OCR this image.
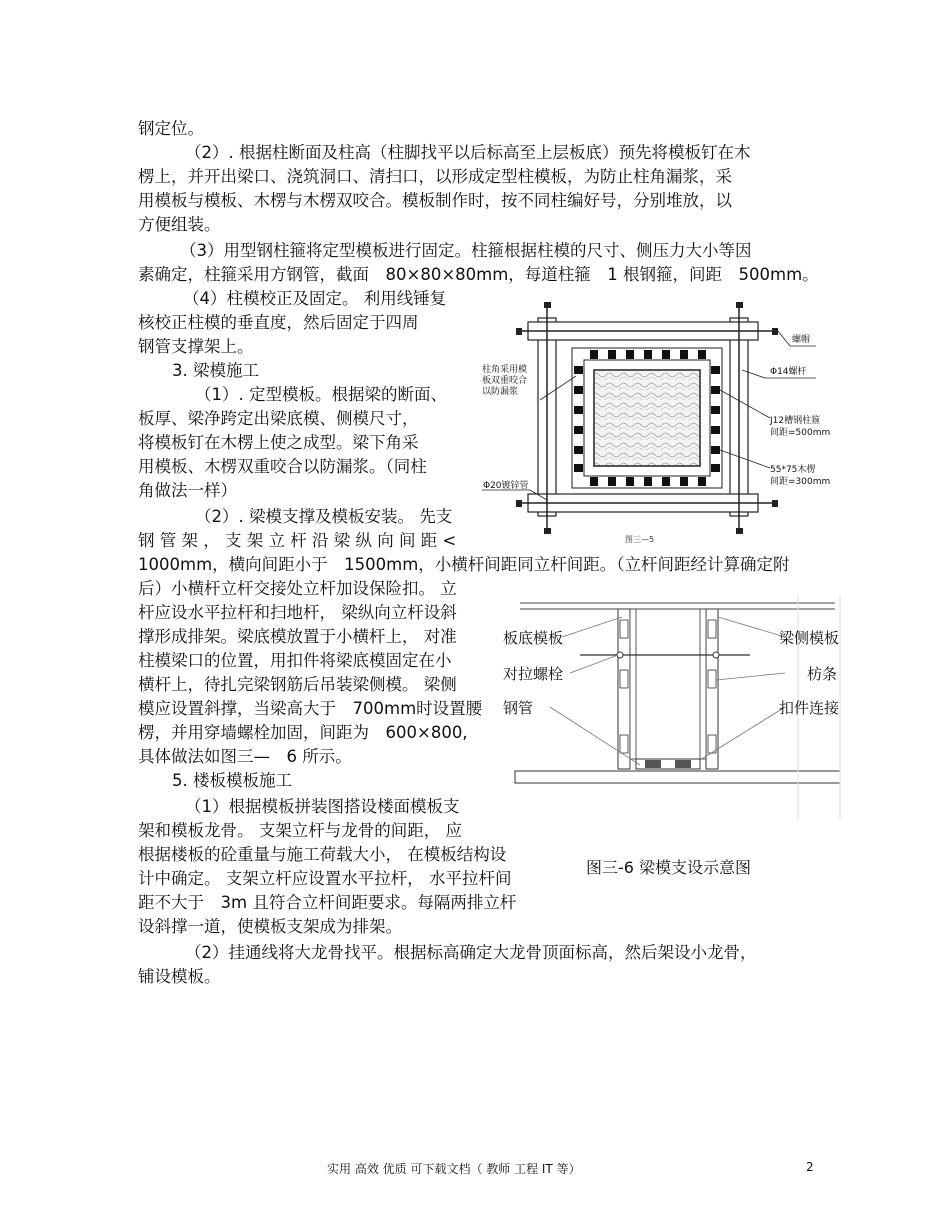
钢定位。
（2）. 根据柱断面及柱高（柱脚找平以后标高至上层板底）预先将模板钉在木
楞上，并开出梁口、浇筑洞口、清扫口，以形成定型柱模板，为防止柱角漏浆，采
用模板与模板、木楞与木楞双咬合。模板制作时，按不同柱编好号，分别堆放，以
方便组装。
（3）用型钢柱箍将定型模板进行固定。柱箍根据柱模的尺寸、侧压力大小等因
素确定，柱箍采用方钢管，截面　80×80×80mm，每道柱箍　1 根钢箍，间距　500mm。
（4）柱模校正及固定。 利用线锤复
核校正柱模的垂直度，然后固定于四周
钢管支撑架上。
3. 梁模施工
（1）. 定型模板。根据梁的断面、
板厚、梁净跨定出梁底模、侧模尺寸，
将模板钉在木楞上使之成型。梁下角采
用模板、木楞双重咬合以防漏浆。（同柱
角做法一样）
（2）. 梁模支撑及模板安装。 先支
钢 管 架 ， 支 架 立 杆 沿 梁 纵 向 间 距 <
1000mm，横向间距小于　1500mm，小横杆间距同立杆间距。（立杆间距经计算确定附
后）小横杆立杆交接处立杆加设保险扣。 立
杆应设水平拉杆和扫地杆， 梁纵向立杆设斜
撑形成排架。梁底模放置于小横杆上， 对准
柱模梁口的位置，用扣件将梁底模固定在小
横杆上，待扎完梁钢筋后吊装梁侧模。 梁侧
模应设置斜撑，当梁高大于　700mm时设置腰
楞，并用穿墙螺栓加固，间距为　600×800,
具体做法如图三—　6 所示。
5. 楼板模板施工
（1）根据模板拼装图搭设楼面模板支
架和模板龙骨。 支架立杆与龙骨的间距， 应
根据楼板的砼重量与施工荷载大小， 在模板结构设
计中确定。 支架立杆应设置水平拉杆， 水平拉杆间
距不大于　3m 且符合立杆间距要求。每隔两排立杆
设斜撑一道，使模板支架成为排架。
（2）挂通线将大龙骨找平。根据标高确定大龙骨顶面标高，然后架设小龙骨，
铺设模板。
图三—5
柱角采用模
板双重咬合
以防漏浆
螺帽
Φ14螺杆
J12槽钢柱箍
间距=500mm
55*75木楞
间距=300mm
Φ20镀锌管
板底模板
对拉螺栓
钢管
梁侧模板
枋条
扣件连接
图三-6 梁模支设示意图
实用 高效 优质 可下载文档（ 教师 工程 IT 等）	2
